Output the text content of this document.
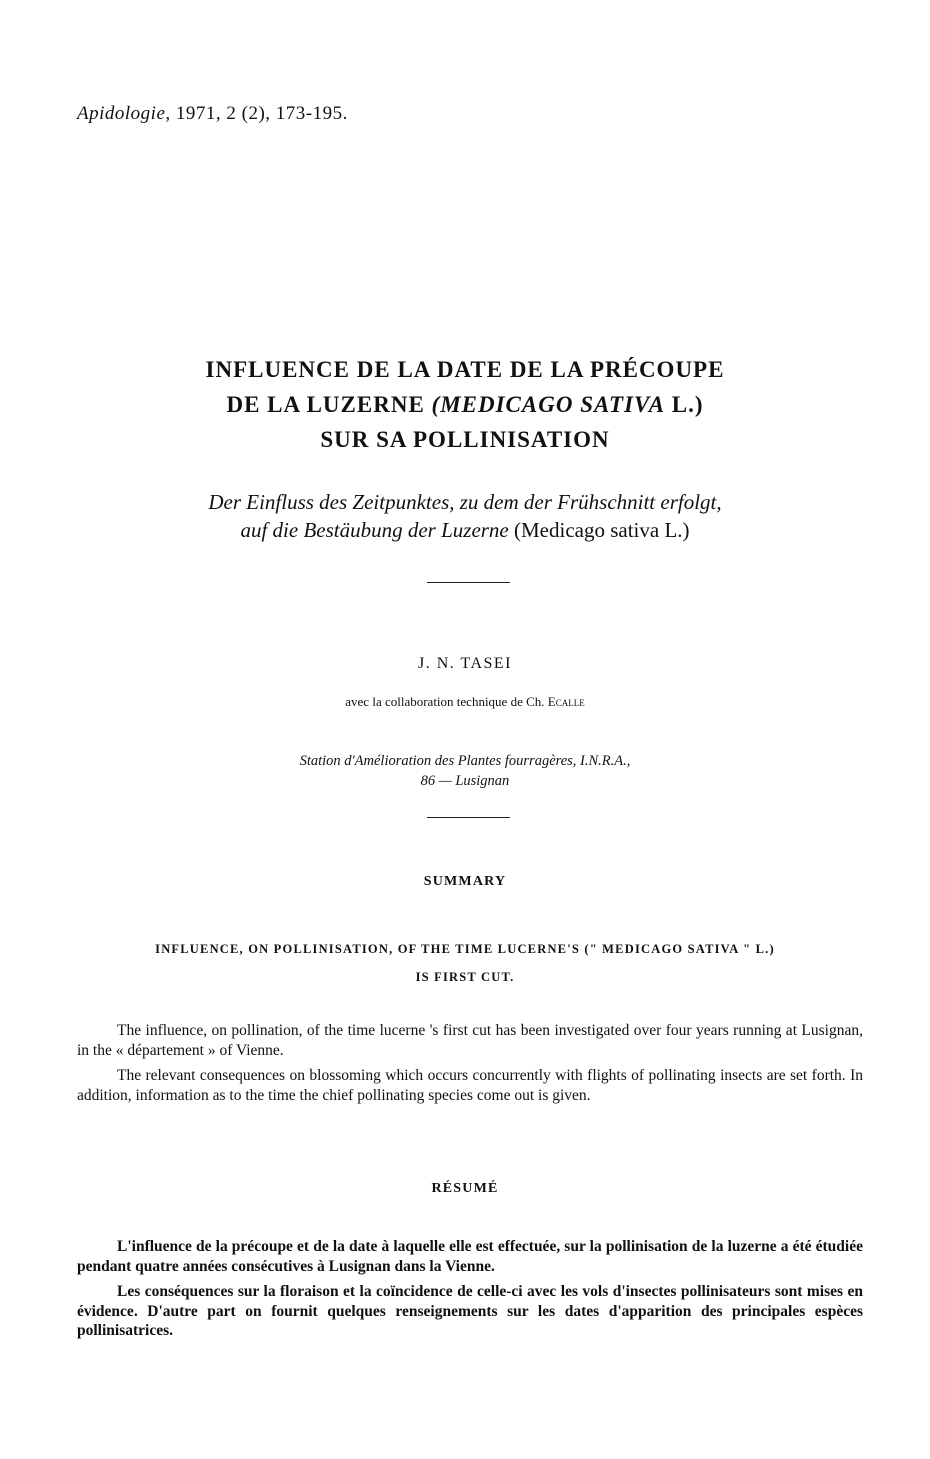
Apidologie, 1971, 2 (2), 173-195.
INFLUENCE DE LA DATE DE LA PRÉCOUPE
DE LA LUZERNE (MEDICAGO SATIVA L.)
SUR SA POLLINISATION
Der Einfluss des Zeitpunktes, zu dem der Frühschnitt erfolgt,
auf die Bestäubung der Luzerne (Medicago sativa L.)
J. N. TASEI
avec la collaboration technique de Ch. Ecalle
Station d'Amélioration des Plantes fourragères, I.N.R.A.,
86 — Lusignan
SUMMARY
INFLUENCE, ON POLLINISATION, OF THE TIME LUCERNE'S (" MEDICAGO SATIVA " L.)
IS FIRST CUT.

The influence, on pollination, of the time lucerne 's first cut has been investigated over four years running at Lusignan, in the « département » of Vienne.

The relevant consequences on blossoming which occurs concurrently with flights of pollinating insects are set forth. In addition, information as to the time the chief pollinating species come out is given.

RÉSUMÉ

L'influence de la précoupe et de la date à laquelle elle est effectuée, sur la pollinisation de la luzerne a été étudiée pendant quatre années consécutives à Lusignan dans la Vienne.

Les conséquences sur la floraison et la coïncidence de celle-ci avec les vols d'insectes pollinisateurs sont mises en évidence. D'autre part on fournit quelques renseignements sur les dates d'apparition des principales espèces pollinisatrices.
